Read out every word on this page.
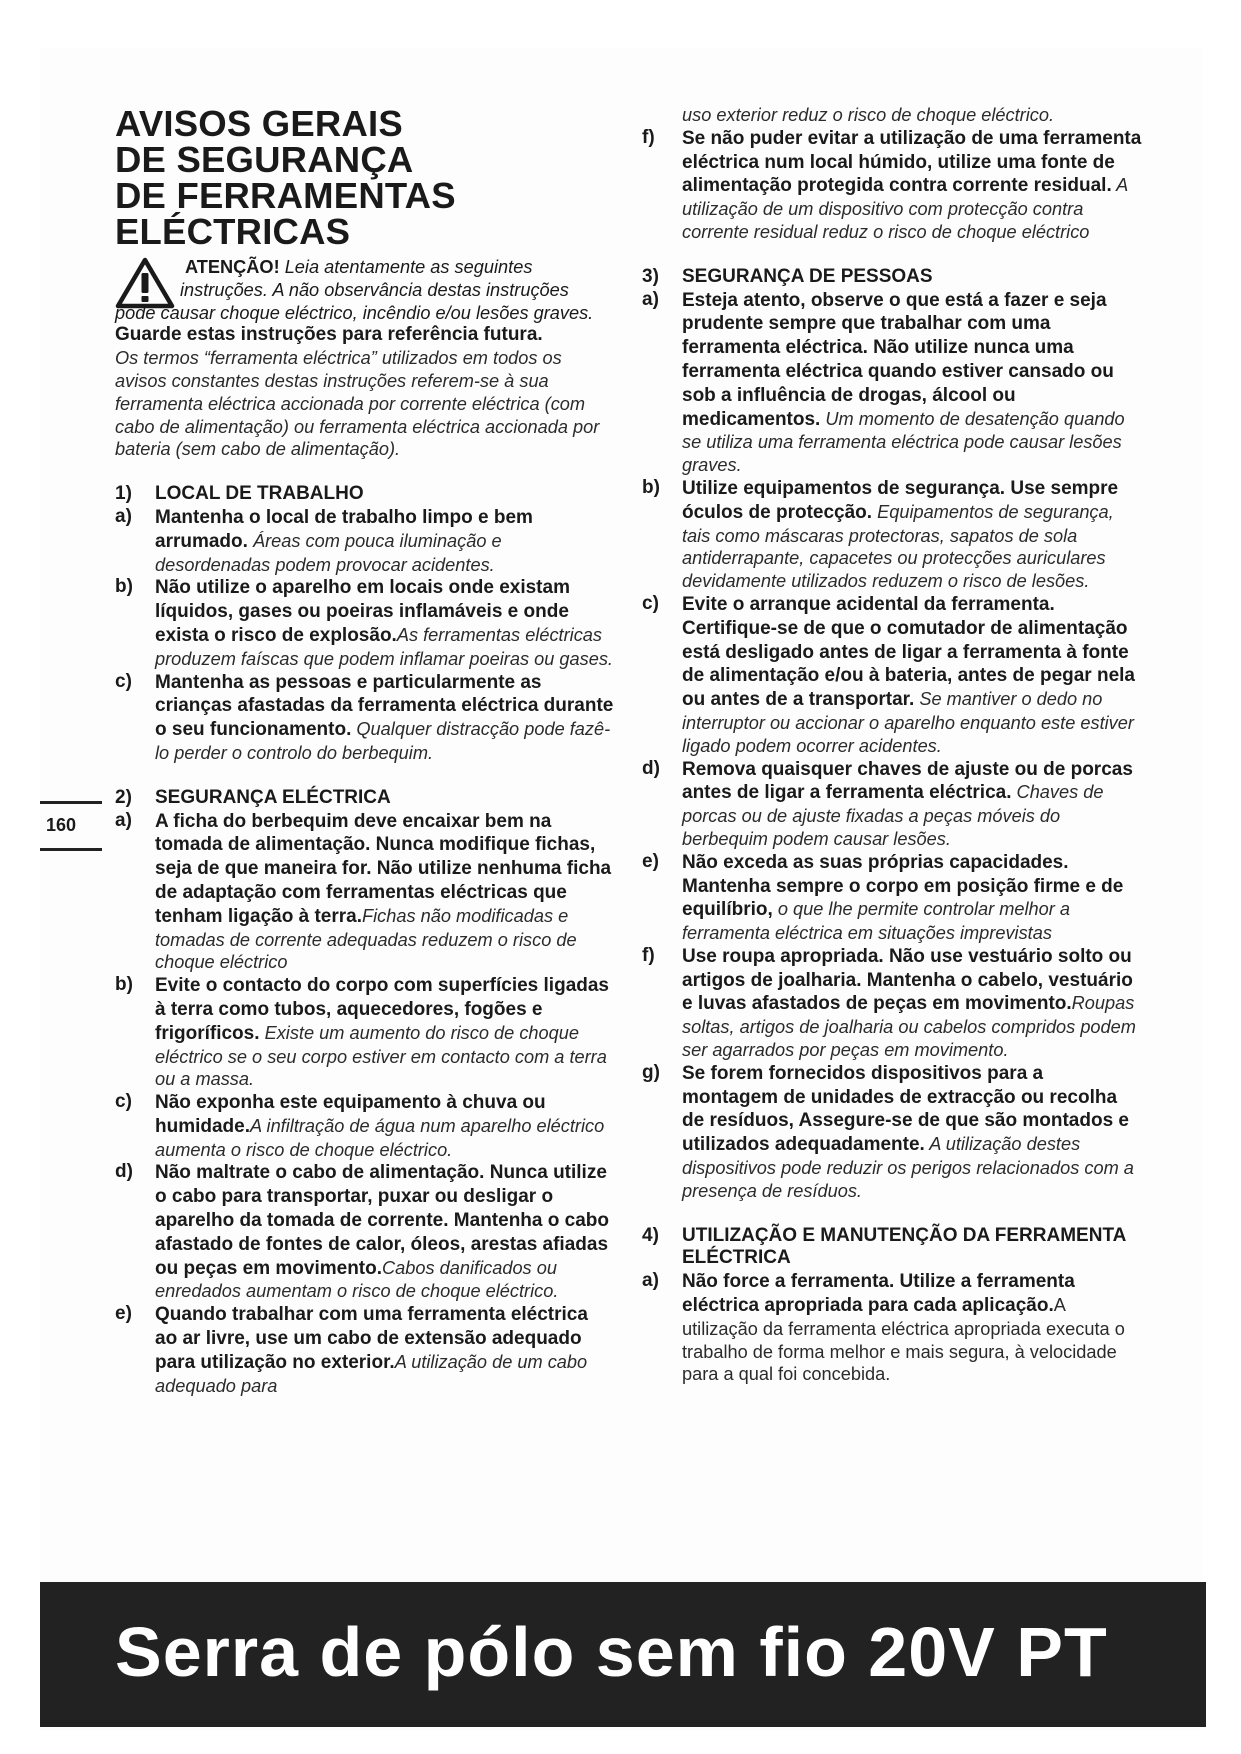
AVISOS GERAIS
DE SEGURANÇA
DE FERRAMENTAS
ELÉCTRICAS
ATENÇÃO! Leia atentamente as seguintes
instruções. A não observância destas instruções
pode causar choque eléctrico, incêndio e/ou lesões graves.

Guarde estas instruções para referência futura.

Os termos “ferramenta eléctrica” utilizados em todos os avisos constantes destas instruções referem-se à sua ferramenta eléctrica accionada por corrente eléctrica (com cabo de alimentação) ou ferramenta eléctrica accionada por bateria (sem cabo de alimentação).

1)	LOCAL DE TRABALHO
a)	Mantenha o local de trabalho limpo e bem arrumado. Áreas com pouca iluminação e desordenadas podem provocar acidentes.
b)	Não utilize o aparelho em locais onde existam líquidos, gases ou poeiras inflamáveis e onde exista o risco de explosão.As ferramentas eléctricas produzem faíscas que podem inflamar poeiras ou gases.
c)	Mantenha as pessoas e particularmente as crianças afastadas da ferramenta eléctrica durante o seu funcionamento. Qualquer distracção pode fazê-lo perder o controlo do berbequim.
2)	SEGURANÇA ELÉCTRICA
a)	A ficha do berbequim deve encaixar bem na tomada de alimentação. Nunca modifique fichas, seja de que maneira for. Não utilize nenhuma ficha de adaptação com ferramentas eléctricas que tenham ligação à terra.Fichas não modificadas e tomadas de corrente adequadas reduzem o risco de choque eléctrico
b)	Evite o contacto do corpo com superfícies ligadas à terra como tubos, aquecedores, fogões e frigoríficos. Existe um aumento do risco de choque eléctrico se o seu corpo estiver em contacto com a terra ou a massa.
c)	Não exponha este equipamento à chuva ou humidade.A infiltração de água num aparelho eléctrico aumenta o risco de choque eléctrico.
d)	Não maltrate o cabo de alimentação. Nunca utilize o cabo para transportar, puxar ou desligar o aparelho da tomada de corrente. Mantenha o cabo afastado de fontes de calor, óleos, arestas afiadas ou peças em movimento.Cabos danificados ou enredados aumentam o risco de choque eléctrico.
e)	Quando trabalhar com uma ferramenta eléctrica ao ar livre, use um cabo de extensão adequado para utilização no exterior.A utilização de um cabo adequado para

uso exterior reduz o risco de choque eléctrico.

f)	Se não puder evitar a utilização de uma ferramenta eléctrica num local húmido, utilize uma fonte de alimentação protegida contra corrente residual. A utilização de um dispositivo com protecção contra corrente residual reduz o risco de choque eléctrico
3)	SEGURANÇA DE PESSOAS
a)	Esteja atento, observe o que está a fazer e seja prudente sempre que trabalhar com uma ferramenta eléctrica. Não utilize nunca uma ferramenta eléctrica quando estiver cansado ou sob a influência de drogas, álcool ou medicamentos. Um momento de desatenção quando se utiliza uma ferramenta eléctrica pode causar lesões graves.
b)	Utilize equipamentos de segurança. Use sempre óculos de protecção. Equipamentos de segurança, tais como máscaras protectoras, sapatos de sola antiderrapante, capacetes ou protecções auriculares devidamente utilizados reduzem o risco de lesões.
c)	Evite o arranque acidental da ferramenta. Certifique-se de que o comutador de alimentação está desligado antes de ligar a ferramenta à fonte de alimentação e/ou à bateria, antes de pegar nela ou antes de a transportar. Se mantiver o dedo no interruptor ou accionar o aparelho enquanto este estiver ligado podem ocorrer acidentes.
d)	Remova quaisquer chaves de ajuste ou de porcas antes de ligar a ferramenta eléctrica. Chaves de porcas ou de ajuste fixadas a peças móveis do berbequim podem causar lesões.
e)	Não exceda as suas próprias capacidades. Mantenha sempre o corpo em posição firme e de equilíbrio, o que lhe permite controlar melhor a ferramenta eléctrica em situações imprevistas
f)	Use roupa apropriada. Não use vestuário solto ou artigos de joalharia. Mantenha o cabelo, vestuário e luvas afastados de peças em movimento.Roupas soltas, artigos de joalharia ou cabelos compridos podem ser agarrados por peças em movimento.
g)	Se forem fornecidos dispositivos para a montagem de unidades de extracção ou recolha de resíduos, Assegure-se de que são montados e utilizados adequadamente. A utilização destes dispositivos pode reduzir os perigos relacionados com a presença de resíduos.
4)	UTILIZAÇÃO E MANUTENÇÃO DA FERRAMENTA ELÉCTRICA
a)	Não force a ferramenta. Utilize a ferramenta eléctrica apropriada para cada aplicação.A utilização da ferramenta eléctrica apropriada executa o trabalho de forma melhor e mais segura, à velocidade para a qual foi concebida.
160
Serra de pólo sem fio 20V PT
